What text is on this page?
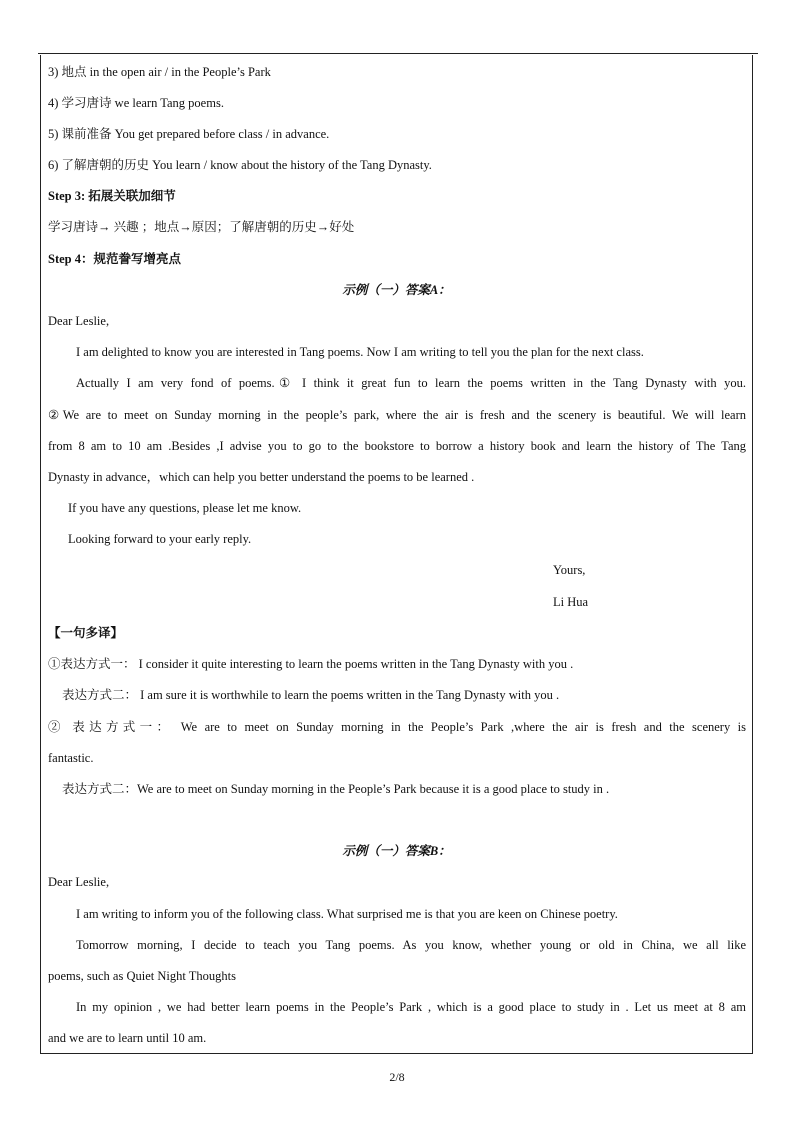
3) 地点 in the open air / in the People’s Park
4) 学习唐诗 we learn Tang poems.
5) 课前准备 You get prepared before class / in advance.
6) 了解唐朝的历史 You learn / know about the history of the Tang Dynasty.
Step 3: 拓展关联加细节
学习唐诗→ 兴趣 ；地点→原因；了解唐朝的历史→好处
Step 4：规范誊写增亮点
示例（一）答案A：
Dear Leslie,
I am delighted to know you are interested in Tang poems. Now I am writing to tell you the plan for the next class.
Actually I am very fond of poems.① I think it great fun to learn the poems written in the Tang Dynasty with you.
②We are to meet on Sunday morning in the people’s park, where the air is fresh and the scenery is beautiful. We will learn
from 8 am to 10 am .Besides ,I advise you to go to the bookstore to borrow a history book and learn the history of The Tang
Dynasty in advance，which can help you better understand the poems to be learned .
If you have any questions, please let me know.
Looking forward to your early reply.
Yours,
Li Hua
【一句多译】
①表达方式一： I consider it quite interesting to learn the poems written in the Tang Dynasty with you .
表达方式二： I am sure it is worthwhile to learn the poems written in the Tang Dynasty with you .
② 表达方式一： We are to meet on Sunday morning in the People’s Park ,where the air is fresh and the scenery is
fantastic.
表达方式二：We are to meet on Sunday morning in the People’s Park because it is a good place to study in .
示例（一）答案B：
Dear Leslie,
I am writing to inform you of the following class. What surprised me is that you are keen on Chinese poetry.
Tomorrow morning, I decide to teach you Tang poems. As you know, whether young or old in China, we all like
poems, such as Quiet Night Thoughts
In my opinion , we had better learn poems in the People’s Park , which is a good place to study in . Let us meet at 8 am
and we are to learn until 10 am.
2/8
